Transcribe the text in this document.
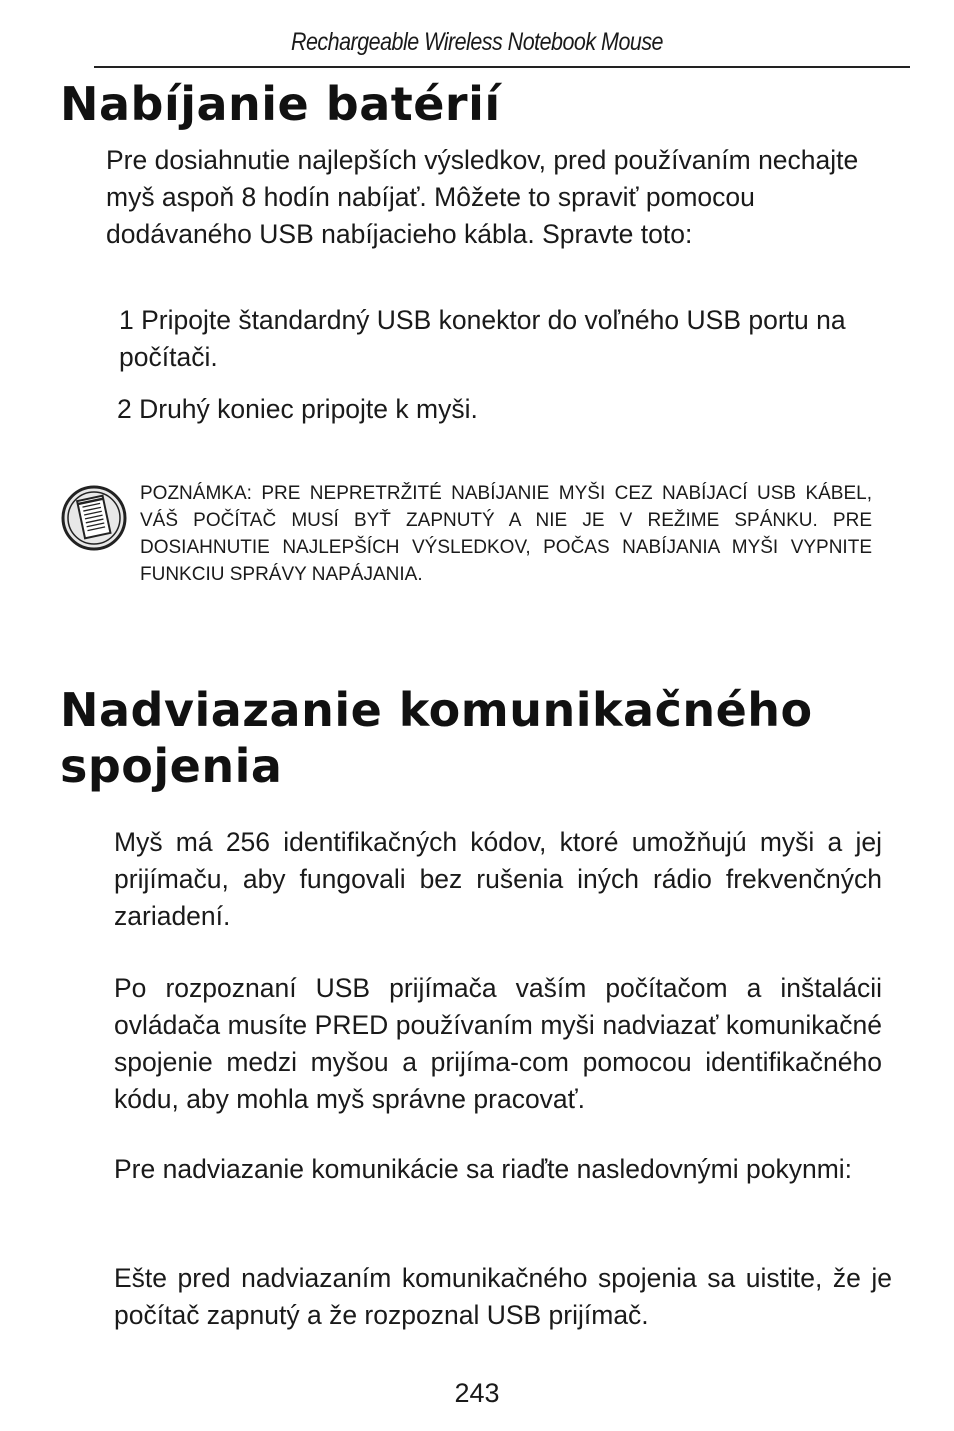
Rechargeable Wireless Notebook Mouse
Nabíjanie batérií

Pre dosiahnutie najlepších výsledkov, pred používaním nechajte myš aspoň 8 hodín nabíjať. Môžete to spraviť pomocou dodávaného USB nabíjacieho kábla. Spravte toto:

1 Pripojte štandardný USB konektor do voľného USB portu na počítači.

2 Druhý koniec pripojte k myši.

POZNÁMKA: PRE NEPRETRŽITÉ NABÍJANIE MYŠI CEZ NABÍJACÍ USB KÁBEL, VÁŠ POČÍTAČ MUSÍ BYŤ ZAPNUTÝ A NIE JE V REŽIME SPÁNKU. PRE DOSIAHNUTIE NAJLEPŠÍCH VÝSLEDKOV, POČAS NABÍJANIA MYŠI VYPNITE FUNKCIU SPRÁVY NAPÁJANIA.

Nadviazanie komunikačného
spojenia

Myš má 256 identifikačných kódov, ktoré umožňujú myši a jej prijímaču, aby fungovali bez rušenia iných rádio frekvenčných zariadení.

Po rozpoznaní USB prijímača vaším počítačom a inštalácii ovládača musíte PRED používaním myši nadviazať komunikačné spojenie medzi myšou a prijíma-com pomocou identifikačného kódu, aby mohla myš správne pracovať.

Pre nadviazanie komunikácie sa riaďte nasledovnými pokynmi:

Ešte pred nadviazaním komunikačného spojenia sa uistite, že je počítač zapnutý a že rozpoznal USB prijímač.

243
